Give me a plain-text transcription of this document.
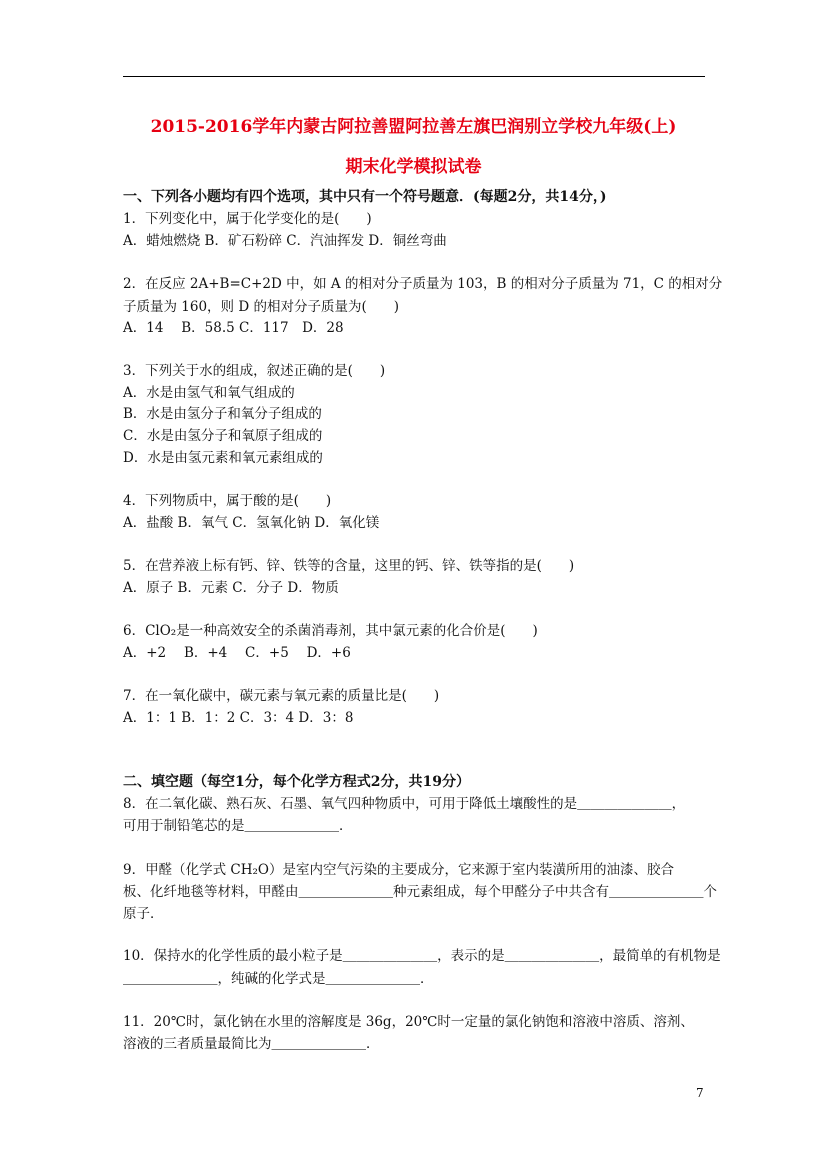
2015-2016学年内蒙古阿拉善盟阿拉善左旗巴润别立学校九年级(上)
期末化学模拟试卷
一、下列各小题均有四个选项，其中只有一个符号题意．(每题2分，共14分，)
1．下列变化中，属于化学变化的是(　　)
A．蜡烛燃烧 B．矿石粉碎 C．汽油挥发 D．铜丝弯曲
2．在反应 2A+B=C+2D 中，如 A 的相对分子质量为 103，B 的相对分子质量为 71，C 的相对分
子质量为 160，则 D 的相对分子质量为(　　)
A．14　 B．58.5 C．117　D．28
3．下列关于水的组成，叙述正确的是(　　)
A．水是由氢气和氧气组成的
B．水是由氢分子和氧分子组成的
C．水是由氢分子和氧原子组成的
D．水是由氢元素和氧元素组成的
4．下列物质中，属于酸的是(　　)
A．盐酸 B．氧气 C．氢氧化钠 D．氧化镁
5．在营养液上标有钙、锌、铁等的含量，这里的钙、锌、铁等指的是(　　)
A．原子 B．元素 C．分子 D．物质
6．ClO₂是一种高效安全的杀菌消毒剂，其中氯元素的化合价是(　　)
A．+2　 B．+4　 C．+5　 D．+6
7．在一氧化碳中，碳元素与氧元素的质量比是(　　)
A．1：1 B．1：2 C．3：4 D．3：8
二、填空题（每空1分，每个化学方程式2分，共19分）
8．在二氧化碳、熟石灰、石墨、氧气四种物质中，可用于降低土壤酸性的是＿＿＿＿＿＿＿，
可用于制铅笔芯的是＿＿＿＿＿＿＿．
9．甲醛（化学式 CH₂O）是室内空气污染的主要成分，它来源于室内装潢所用的油漆、胶合
板、化纤地毯等材料，甲醛由＿＿＿＿＿＿＿种元素组成，每个甲醛分子中共含有＿＿＿＿＿＿＿个
原子．
10．保持水的化学性质的最小粒子是＿＿＿＿＿＿＿，表示的是＿＿＿＿＿＿＿，最简单的有机物是
＿＿＿＿＿＿＿，纯碱的化学式是＿＿＿＿＿＿＿．
11．20℃时，氯化钠在水里的溶解度是 36g，20℃时一定量的氯化钠饱和溶液中溶质、溶剂、
溶液的三者质量最简比为＿＿＿＿＿＿＿．
7
